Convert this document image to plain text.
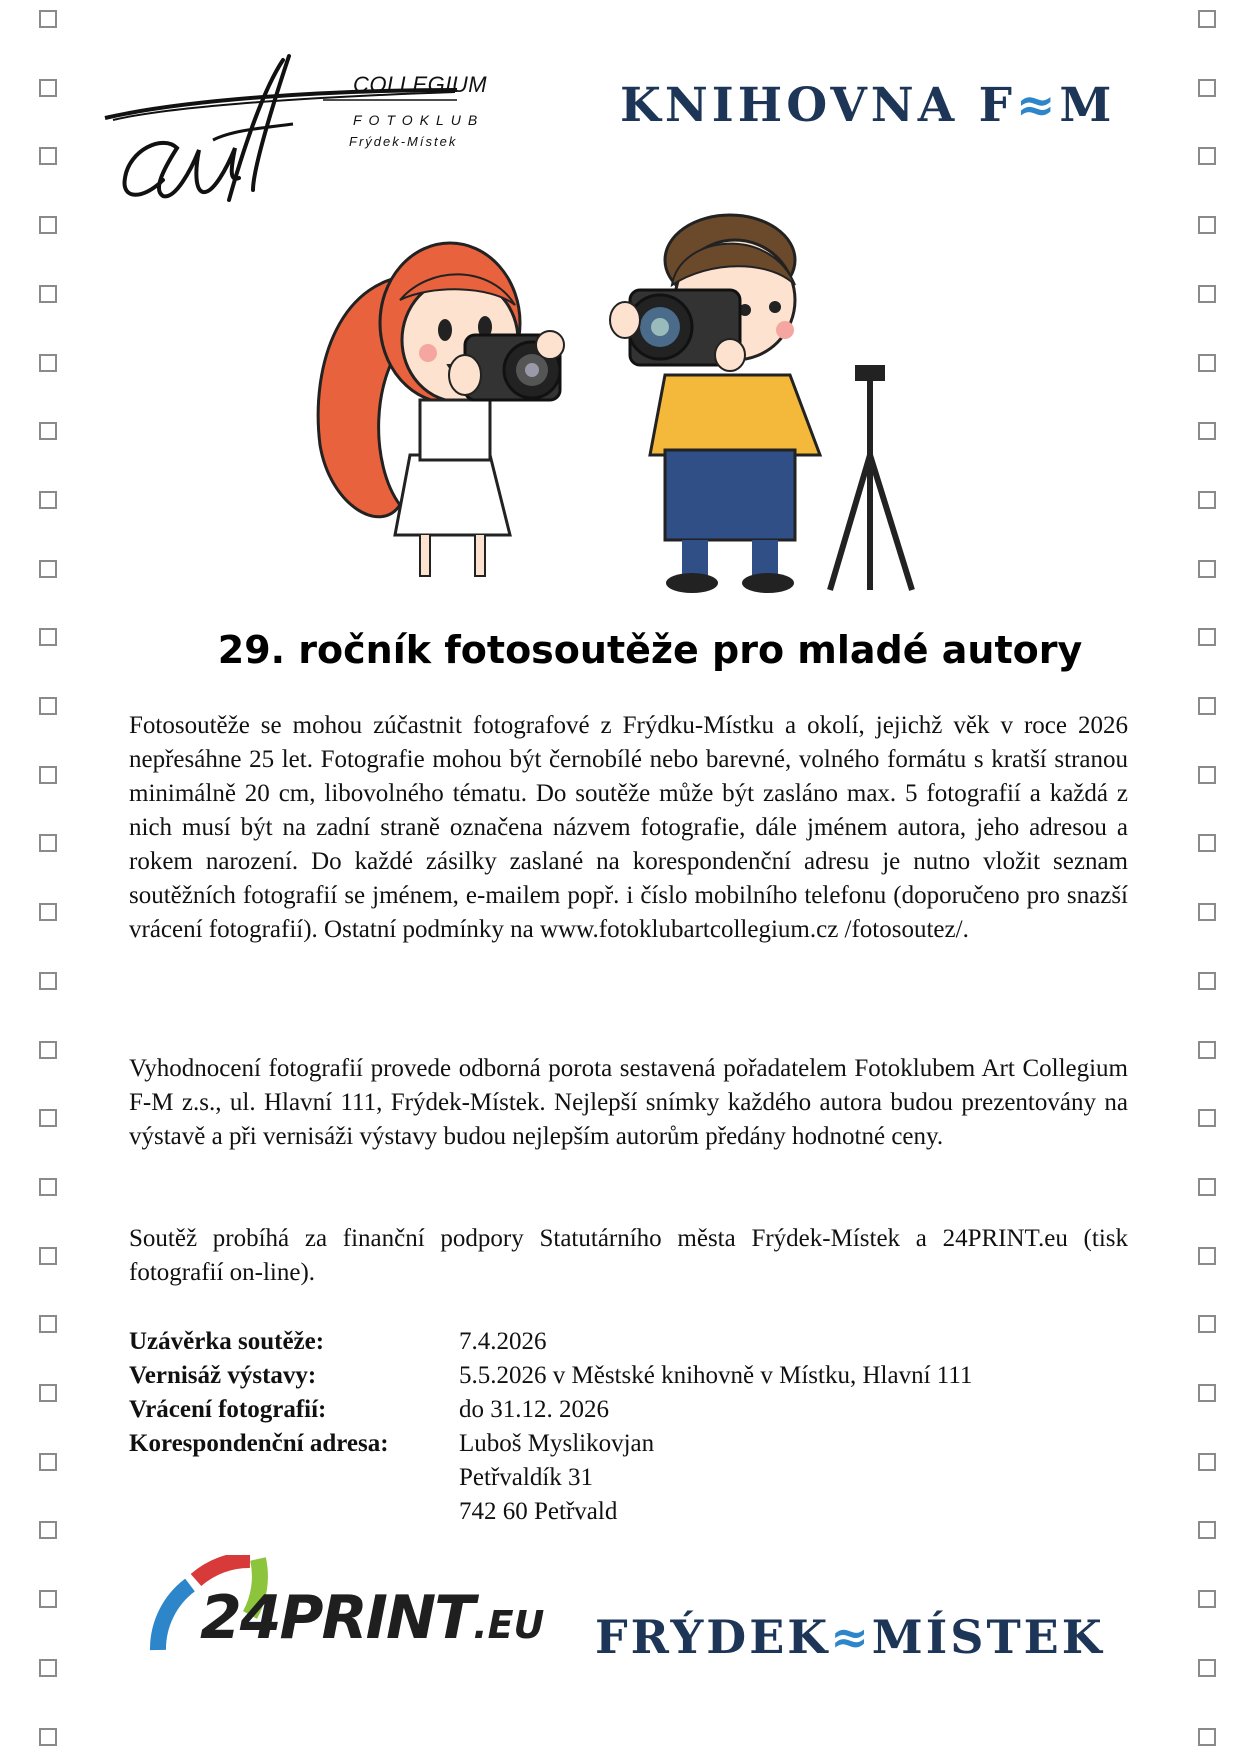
COLLEGIUM
FOTOKLUB
Frýdek-Místek
KNIHOVNA F≈M
29. ročník fotosoutěže pro mladé autory

Fotosoutěže se mohou zúčastnit fotografové z Frýdku-Místku a okolí, jejichž věk v roce 2026 nepřesáhne 25 let. Fotografie mohou být černobílé nebo barevné, volného formátu s kratší stranou minimálně 20 cm, libovolného tématu. Do soutěže může být zasláno max. 5 fotografií a každá z nich musí být na zadní straně označena názvem fotografie, dále jménem autora, jeho adresou a rokem narození. Do každé zásilky zaslané na korespondenční adresu je nutno vložit seznam soutěžních fotografií se jménem, e-mailem popř. i číslo mobilního telefonu (doporučeno pro snazší vrácení fotografií). Ostatní podmínky na www.fotoklubartcollegium.cz /fotosoutez/.

Vyhodnocení fotografií provede odborná porota sestavená pořadatelem Fotoklubem Art Collegium F-M z.s., ul. Hlavní 111, Frýdek-Místek. Nejlepší snímky každého autora budou prezentovány na výstavě a při vernisáži výstavy budou nejlepším autorům předány hodnotné ceny.

Soutěž probíhá za finanční podpory Statutárního města Frýdek-Místek a 24PRINT.eu (tisk fotografií on-line).

Uzávěrka soutěže:	7.4.2026
Vernisáž výstavy:	5.5.2026 v Městské knihovně v Místku, Hlavní 111
Vrácení fotografií:	do 31.12. 2026
Korespondenční adresa:	Luboš Myslikovjan
Petřvaldík 31
742 60 Petřvald
24PRINT.EU FRÝDEK≈MÍSTEK
